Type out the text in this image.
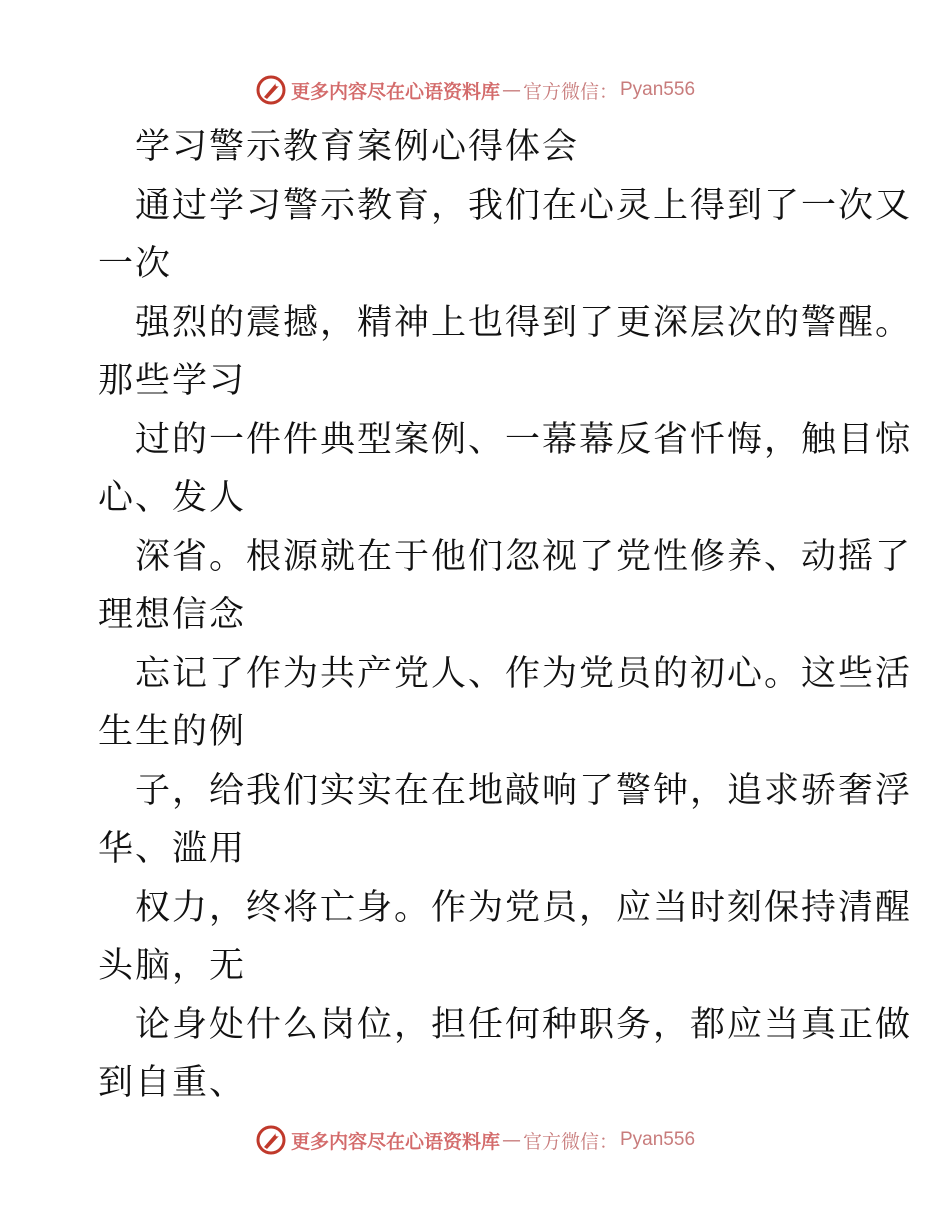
更多内容尽在心语资料库 — 官方微信： Pyan556
学习警示教育案例心得体会
通过学习警示教育，我们在心灵上得到了一次又
一次
强烈的震撼，精神上也得到了更深层次的警醒。
那些学习
过的一件件典型案例、一幕幕反省忏悔，触目惊
心、发人
深省。根源就在于他们忽视了党性修养、动摇了
理想信念
忘记了作为共产党人、作为党员的初心。这些活
生生的例
子，给我们实实在在地敲响了警钟，追求骄奢浮
华、滥用
权力，终将亡身。作为党员，应当时刻保持清醒
头脑，无
论身处什么岗位，担任何种职务，都应当真正做
到自重、
更多内容尽在心语资料库 — 官方微信： Pyan556
